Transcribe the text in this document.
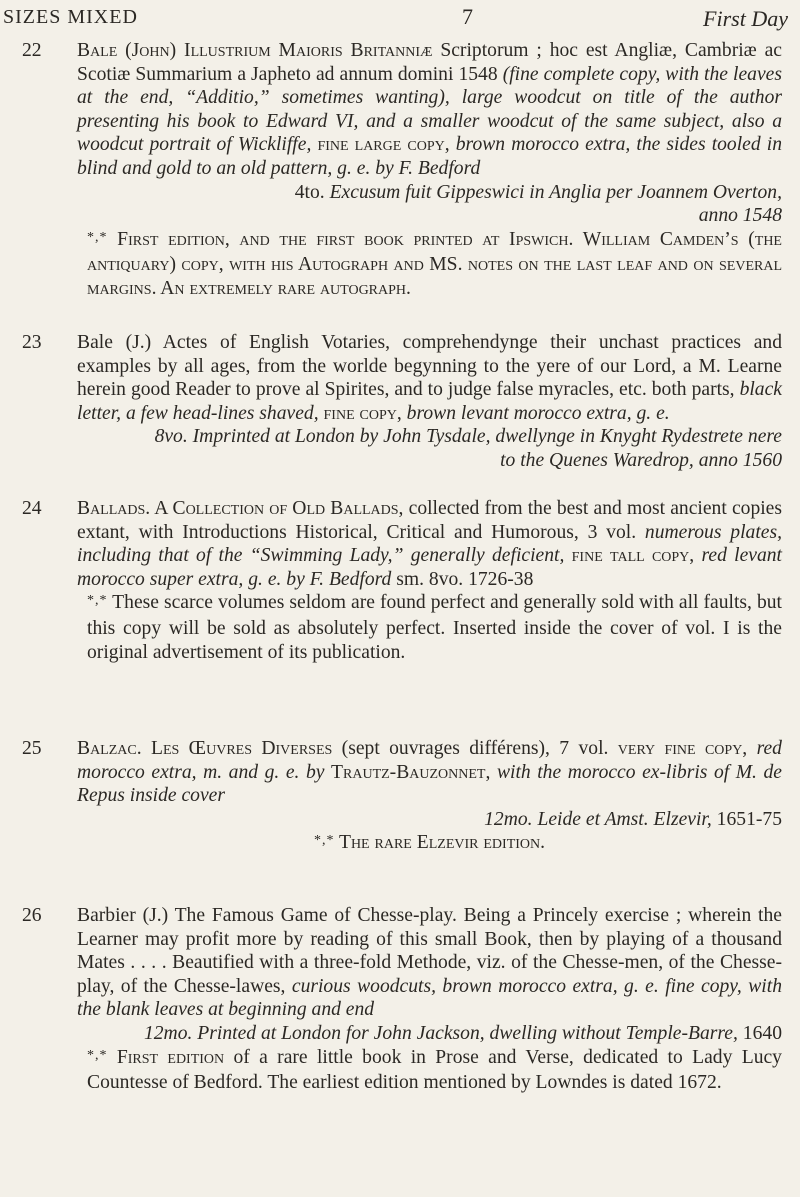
SIZES MIXED	7	First Day
22 Bale (John) Illustrium Maioris Britanniæ Scriptorum ; hoc est Angliæ, Cambriæ ac Scotiæ Summarium a Japheto ad annum domini 1548 (fine complete copy, with the leaves at the end, “Additio,” sometimes wanting), large woodcut on title of the author presenting his book to Edward VI, and a smaller woodcut of the same subject, also a woodcut portrait of Wickliffe, fine large copy, brown morocco extra, the sides tooled in blind and gold to an old pattern, g. e. by F. Bedford

4to. Excusum fuit Gippeswici in Anglia per Joannem Overton,
anno 1548

*,* First edition, and the first book printed at Ipswich. William Camden’s (the antiquary) copy, with his Autograph and MS. notes on the last leaf and on several margins. An extremely rare autograph.

23 Bale (J.) Actes of English Votaries, comprehendynge their unchast practices and examples by all ages, from the worlde begynning to the yere of our Lord, a M. Learne herein good Reader to prove al Spirites, and to judge false myracles, etc. both parts, black letter, a few head-lines shaved, fine copy, brown levant morocco extra, g. e.

8vo. Imprinted at London by John Tysdale, dwellynge in Knyght Rydestrete nere to the Quenes Waredrop, anno 1560

24 Ballads. A Collection of Old Ballads, collected from the best and most ancient copies extant, with Introductions Historical, Critical and Humorous, 3 vol. numerous plates, including that of the “Swimming Lady,” generally deficient, fine tall copy, red levant morocco super extra, g. e. by F. Bedford sm. 8vo. 1726-38

*,* These scarce volumes seldom are found perfect and generally sold with all faults, but this copy will be sold as absolutely perfect. Inserted inside the cover of vol. I is the original advertisement of its publication.

25 Balzac. Les Œuvres Diverses (sept ouvrages différens), 7 vol. very fine copy, red morocco extra, m. and g. e. by Trautz-Bauzonnet, with the morocco ex-libris of M. de Repus inside cover

12mo. Leide et Amst. Elzevir, 1651-75

*,* The rare Elzevir edition.

26 Barbier (J.) The Famous Game of Chesse-play. Being a Princely exercise ; wherein the Learner may profit more by reading of this small Book, then by playing of a thousand Mates . . . . Beautified with a three-fold Methode, viz. of the Chesse-men, of the Chesse-play, of the Chesse-lawes, curious woodcuts, brown morocco extra, g. e. fine copy, with the blank leaves at beginning and end

12mo. Printed at London for John Jackson, dwelling without Temple-Barre, 1640

*,* First edition of a rare little book in Prose and Verse, dedicated to Lady Lucy Countesse of Bedford. The earliest edition mentioned by Lowndes is dated 1672.
